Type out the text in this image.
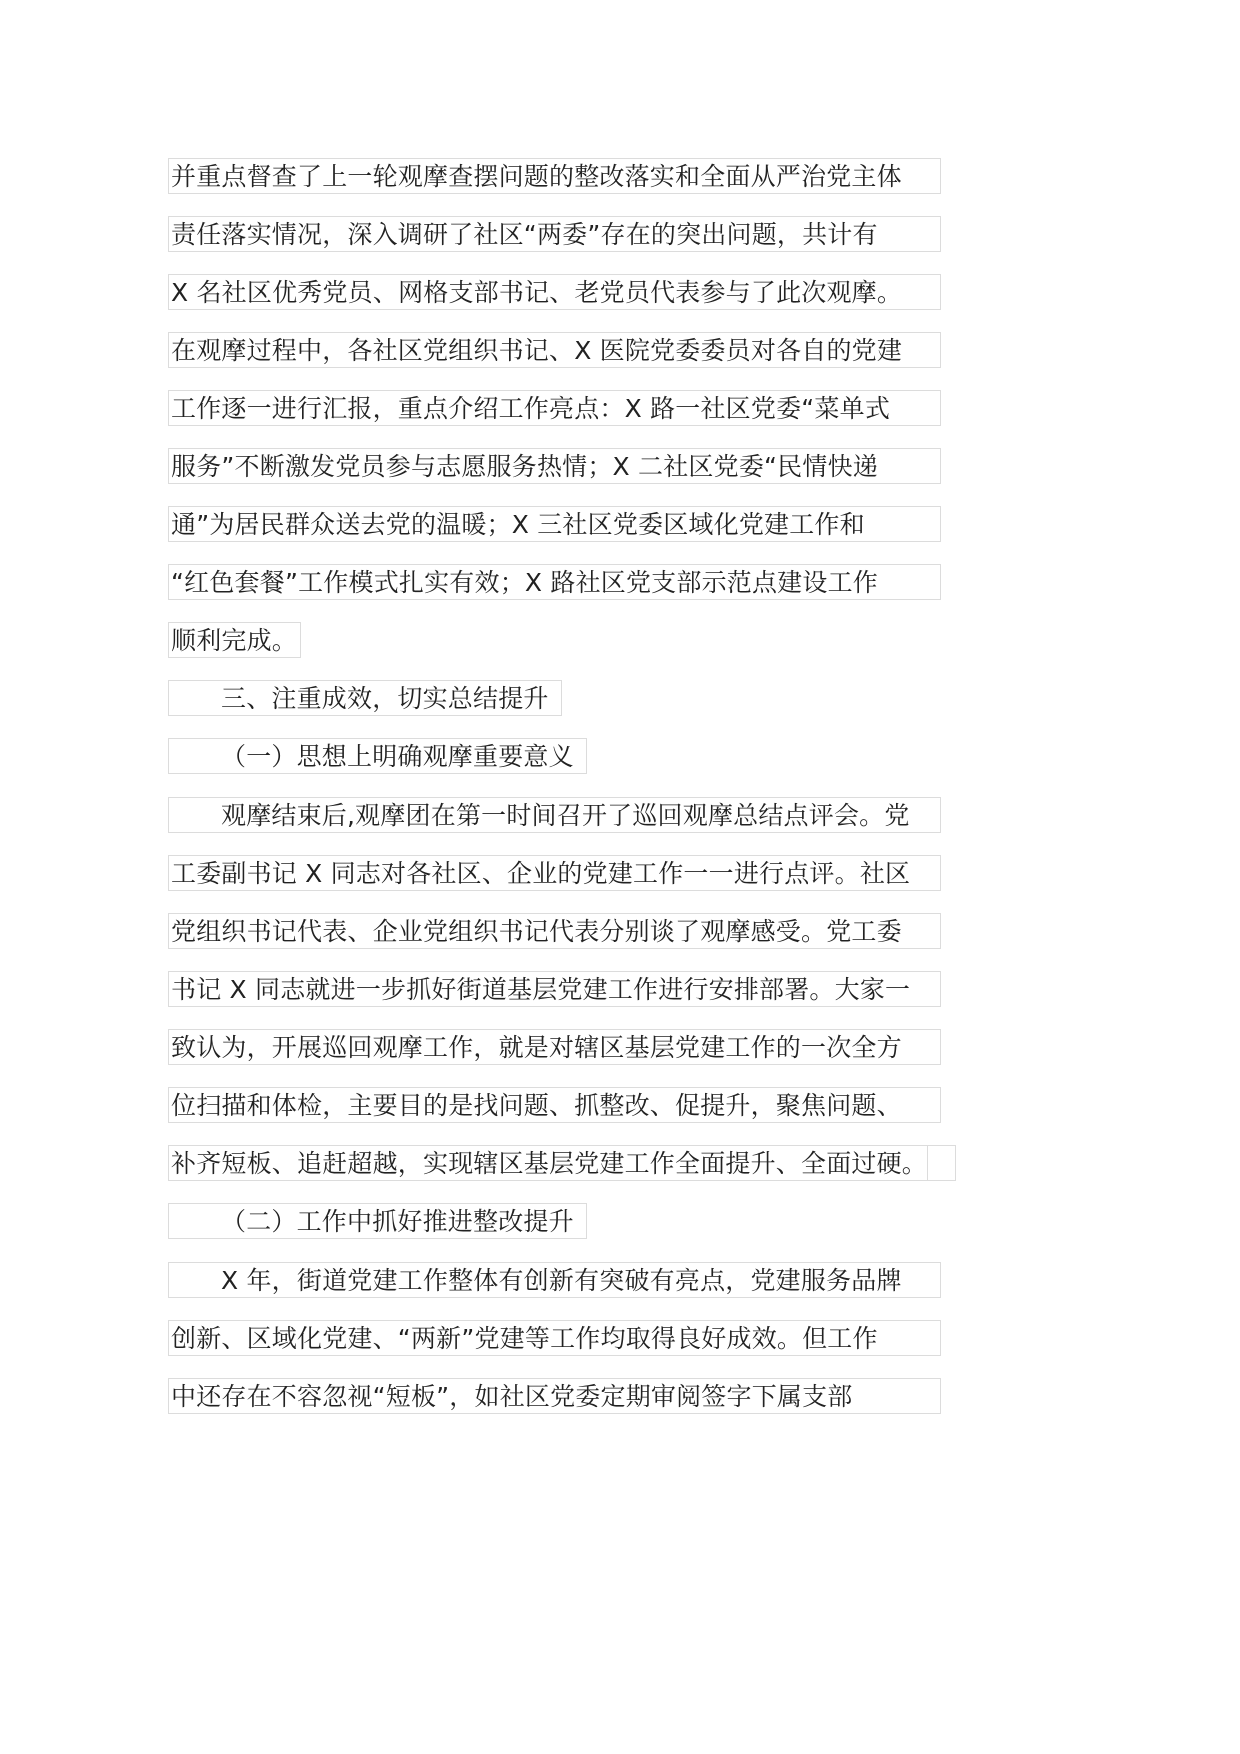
并重点督查了上一轮观摩查摆问题的整改落实和全面从严治党主体
责任落实情况，深入调研了社区“两委”存在的突出问题，共计有
X 名社区优秀党员、网格支部书记、老党员代表参与了此次观摩。
在观摩过程中，各社区党组织书记、X 医院党委委员对各自的党建
工作逐一进行汇报，重点介绍工作亮点：X 路一社区党委“菜单式
服务”不断激发党员参与志愿服务热情；X 二社区党委“民情快递
通”为居民群众送去党的温暖；X 三社区党委区域化党建工作和
“红色套餐”工作模式扎实有效；X 路社区党支部示范点建设工作
顺利完成。
三、注重成效，切实总结提升
（一）思想上明确观摩重要意义
观摩结束后,观摩团在第一时间召开了巡回观摩总结点评会。党
工委副书记 X 同志对各社区、企业的党建工作一一进行点评。社区
党组织书记代表、企业党组织书记代表分别谈了观摩感受。党工委
书记 X 同志就进一步抓好街道基层党建工作进行安排部署。大家一
致认为，开展巡回观摩工作，就是对辖区基层党建工作的一次全方
位扫描和体检，主要目的是找问题、抓整改、促提升，聚焦问题、
补齐短板、追赶超越，实现辖区基层党建工作全面提升、全面过硬。
（二）工作中抓好推进整改提升
X 年，街道党建工作整体有创新有突破有亮点，党建服务品牌
创新、区域化党建、“两新”党建等工作均取得良好成效。但工作
中还存在不容忽视“短板”，如社区党委定期审阅签字下属支部
